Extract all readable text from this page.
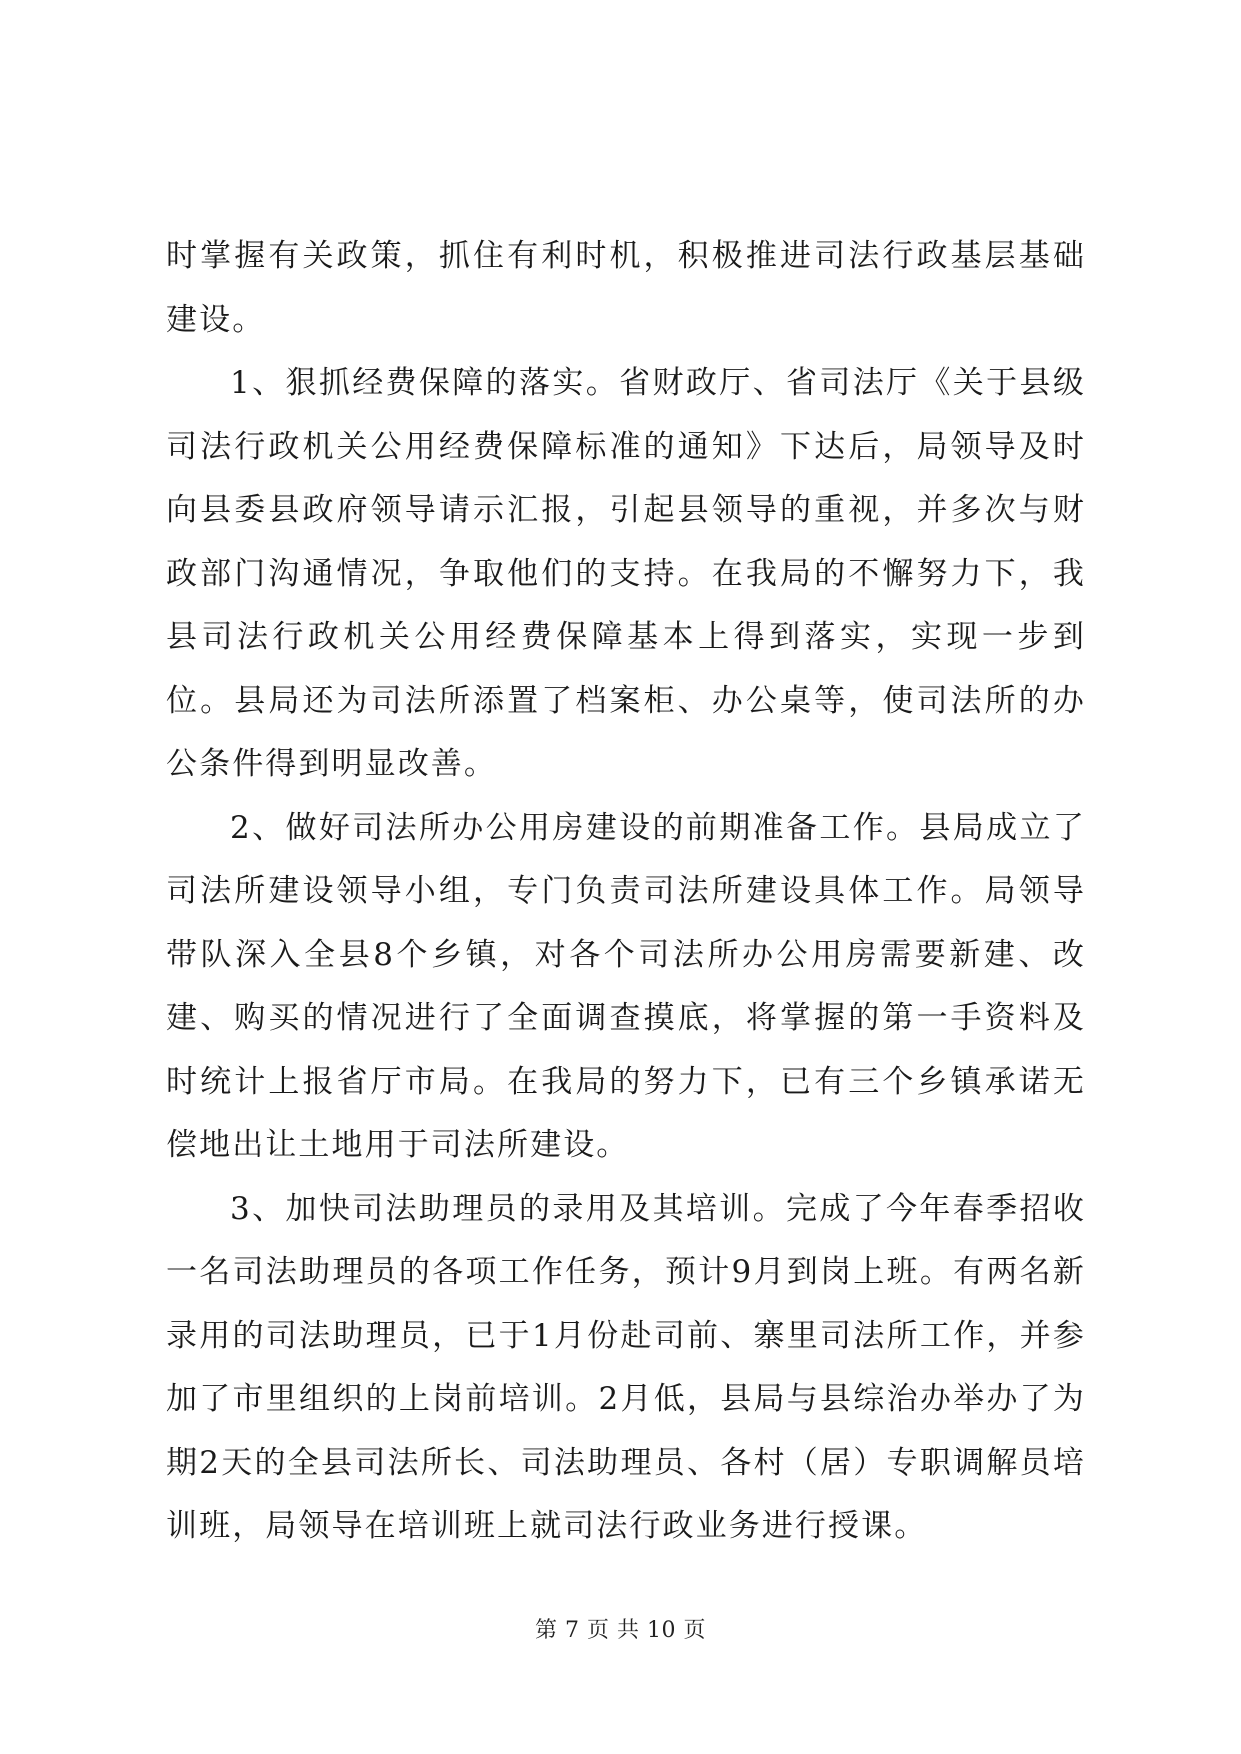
时掌握有关政策，抓住有利时机，积极推进司法行政基层基础建设。

1、狠抓经费保障的落实。省财政厅、省司法厅《关于县级司法行政机关公用经费保障标准的通知》下达后，局领导及时向县委县政府领导请示汇报，引起县领导的重视，并多次与财政部门沟通情况，争取他们的支持。在我局的不懈努力下，我县司法行政机关公用经费保障基本上得到落实，实现一步到位。县局还为司法所添置了档案柜、办公桌等，使司法所的办公条件得到明显改善。

2、做好司法所办公用房建设的前期准备工作。县局成立了司法所建设领导小组，专门负责司法所建设具体工作。局领导带队深入全县8个乡镇，对各个司法所办公用房需要新建、改建、购买的情况进行了全面调查摸底，将掌握的第一手资料及时统计上报省厅市局。在我局的努力下，已有三个乡镇承诺无偿地出让土地用于司法所建设。

3、加快司法助理员的录用及其培训。完成了今年春季招收一名司法助理员的各项工作任务，预计9月到岗上班。有两名新录用的司法助理员，已于1月份赴司前、寨里司法所工作，并参加了市里组织的上岗前培训。2月低，县局与县综治办举办了为期2天的全县司法所长、司法助理员、各村（居）专职调解员培训班，局领导在培训班上就司法行政业务进行授课。

第 7 页 共 10 页
